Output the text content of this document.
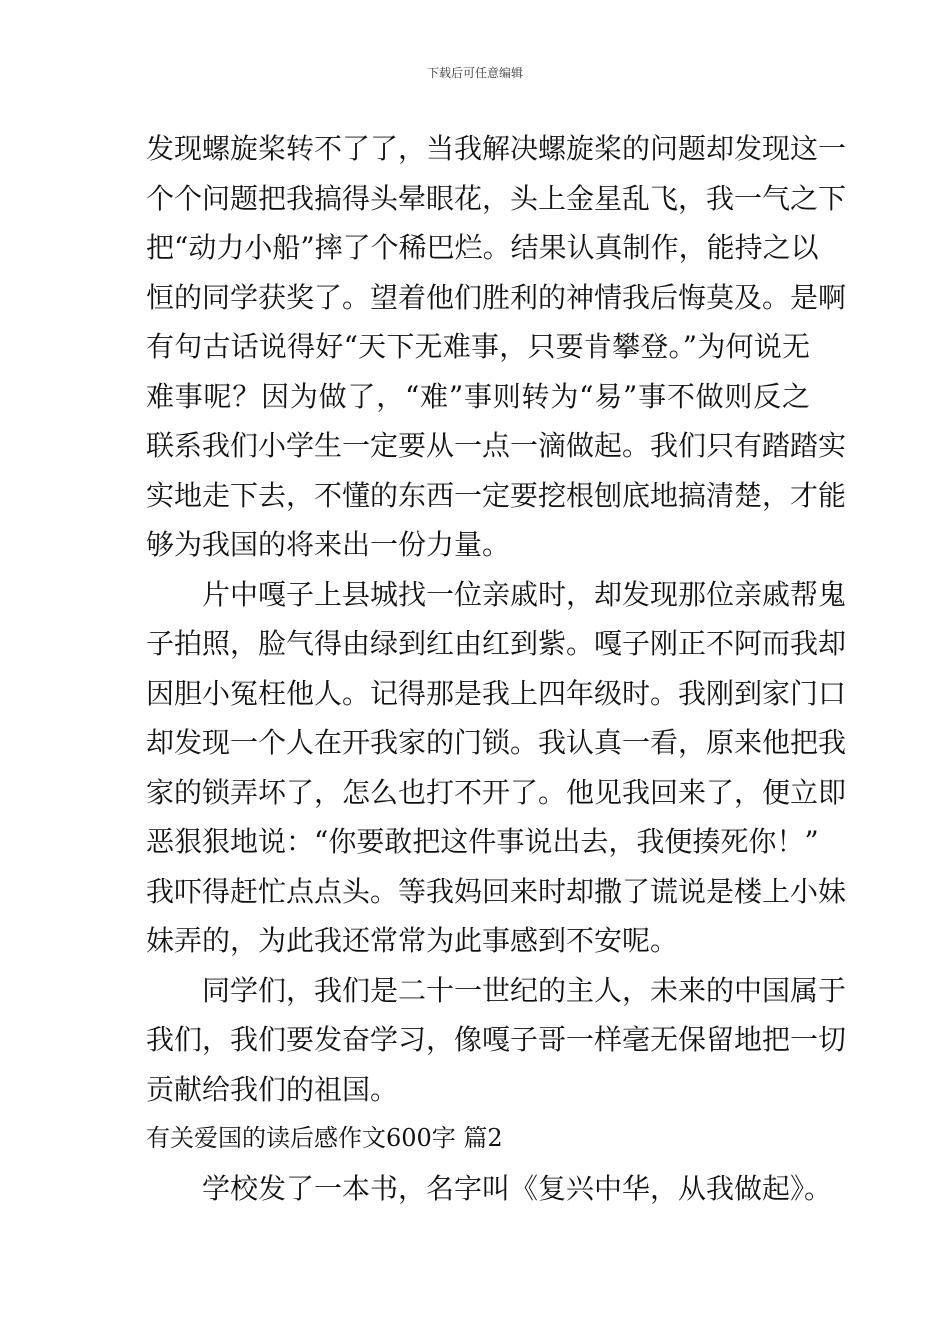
下载后可任意编辑
发现螺旋桨转不了了，当我解决螺旋桨的问题却发现这一
个个问题把我搞得头晕眼花，头上金星乱飞，我一气之下
把“动力小船”摔了个稀巴烂。结果认真制作，能持之以
恒的同学获奖了。望着他们胜利的神情我后悔莫及。是啊
有句古话说得好“天下无难事，只要肯攀登。”为何说无
难事呢？因为做了，“难”事则转为“易”事不做则反之
联系我们小学生一定要从一点一滴做起。我们只有踏踏实
实地走下去，不懂的东西一定要挖根刨底地搞清楚，才能
够为我国的将来出一份力量。
片中嘎子上县城找一位亲戚时，却发现那位亲戚帮鬼
子拍照，脸气得由绿到红由红到紫。嘎子刚正不阿而我却
因胆小冤枉他人。记得那是我上四年级时。我刚到家门口
却发现一个人在开我家的门锁。我认真一看，原来他把我
家的锁弄坏了，怎么也打不开了。他见我回来了，便立即
恶狠狠地说：“你要敢把这件事说出去，我便揍死你！”
我吓得赶忙点点头。等我妈回来时却撒了谎说是楼上小妹
妹弄的，为此我还常常为此事感到不安呢。
同学们，我们是二十一世纪的主人，未来的中国属于
我们，我们要发奋学习，像嘎子哥一样毫无保留地把一切
贡献给我们的祖国。
有关爱国的读后感作文600字 篇2
学校发了一本书，名字叫《复兴中华，从我做起》。
